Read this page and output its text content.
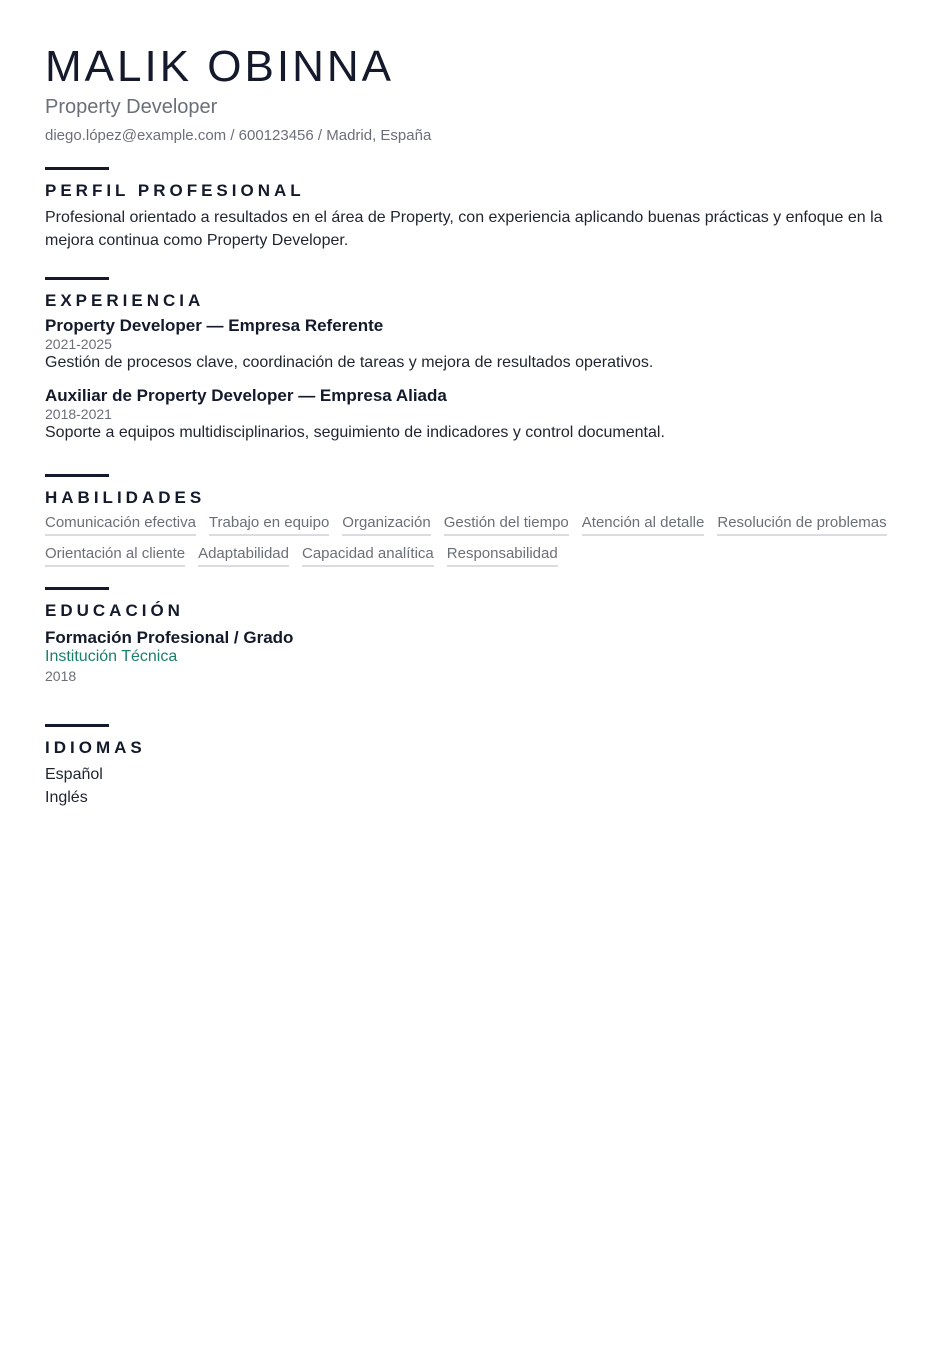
MALIK OBINNA
Property Developer
diego.lópez@example.com / 600123456 / Madrid, España
PERFIL PROFESIONAL
Profesional orientado a resultados en el área de Property, con experiencia aplicando buenas prácticas y enfoque en la mejora continua como Property Developer.
EXPERIENCIA
Property Developer — Empresa Referente
2021-2025
Gestión de procesos clave, coordinación de tareas y mejora de resultados operativos.
Auxiliar de Property Developer — Empresa Aliada
2018-2021
Soporte a equipos multidisciplinarios, seguimiento de indicadores y control documental.
HABILIDADES
Comunicación efectiva Trabajo en equipo Organización Gestión del tiempo Atención al detalle Resolución de problemas
Orientación al cliente Adaptabilidad Capacidad analítica Responsabilidad
EDUCACIÓN
Formación Profesional / Grado
Institución Técnica
2018
IDIOMAS
Español
Inglés
